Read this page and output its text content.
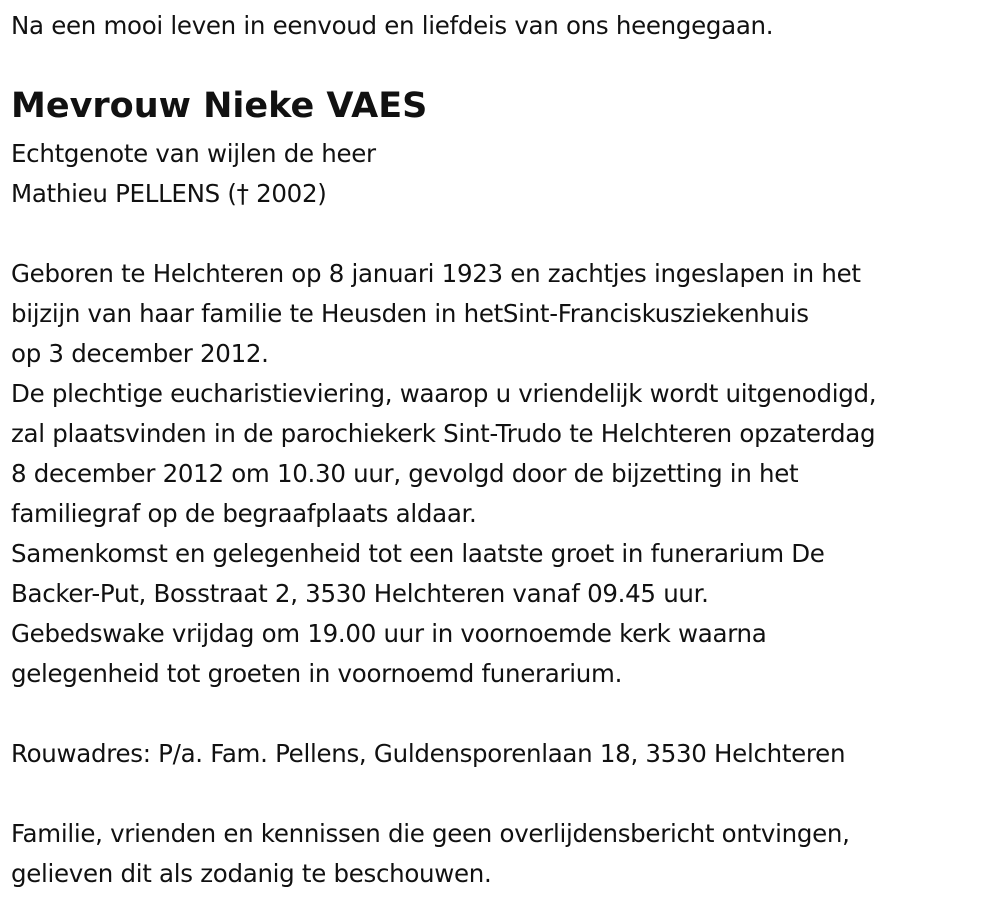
Na een mooi leven in eenvoud en liefdeis van ons heengegaan.
Mevrouw Nieke VAES
Echtgenote van wijlen de heer
Mathieu PELLENS († 2002)
Geboren te Helchteren op 8 januari 1923 en zachtjes ingeslapen in het
bijzijn van haar familie te Heusden in hetSint-Franciskusziekenhuis
op 3 december 2012.
De plechtige eucharistieviering, waarop u vriendelijk wordt uitgenodigd,
zal plaatsvinden in de parochiekerk Sint-Trudo te Helchteren opzaterdag
8 december 2012 om 10.30 uur, gevolgd door de bijzetting in het
familiegraf op de begraafplaats aldaar.
Samenkomst en gelegenheid tot een laatste groet in funerarium De
Backer-Put, Bosstraat 2, 3530 Helchteren vanaf 09.45 uur.
Gebedswake vrijdag om 19.00 uur in voornoemde kerk waarna
gelegenheid tot groeten in voornoemd funerarium.
Rouwadres: P/a. Fam. Pellens, Guldensporenlaan 18, 3530 Helchteren
Familie, vrienden en kennissen die geen overlijdensbericht ontvingen,
gelieven dit als zodanig te beschouwen.
